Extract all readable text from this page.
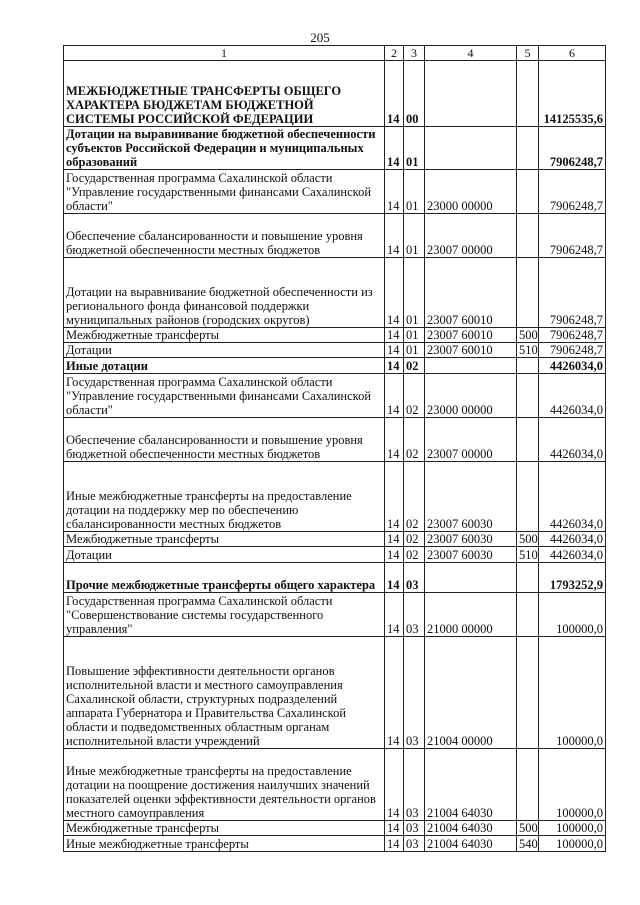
205
1	2	3	4	5	6
МЕЖБЮДЖЕТНЫЕ ТРАНСФЕРТЫ ОБЩЕГО ХАРАКТЕРА БЮДЖЕТАМ БЮДЖЕТНОЙ СИСТЕМЫ РОССИЙСКОЙ ФЕДЕРАЦИИ	14	00			14125535,6
Дотации на выравнивание бюджетной обеспеченности субъектов Российской Федерации и муниципальных образований	14	01			7906248,7
Государственная программа Сахалинской области "Управление государственными финансами Сахалинской области"	14	01	23000 00000		7906248,7
Обеспечение сбалансированности и повышение уровня бюджетной обеспеченности местных бюджетов	14	01	23007 00000		7906248,7
Дотации на выравнивание бюджетной обеспеченности из регионального фонда финансовой поддержки муниципальных районов (городских округов)	14	01	23007 60010		7906248,7
Межбюджетные трансферты	14	01	23007 60010	500	7906248,7
Дотации	14	01	23007 60010	510	7906248,7
Иные дотации	14	02			4426034,0
Государственная программа Сахалинской области "Управление государственными финансами Сахалинской области"	14	02	23000 00000		4426034,0
Обеспечение сбалансированности и повышение уровня бюджетной обеспеченности местных бюджетов	14	02	23007 00000		4426034,0
Иные межбюджетные трансферты на предоставление дотации на поддержку мер по обеспечению сбалансированности местных бюджетов	14	02	23007 60030		4426034,0
Межбюджетные трансферты	14	02	23007 60030	500	4426034,0
Дотации	14	02	23007 60030	510	4426034,0
Прочие межбюджетные трансферты общего характера	14	03			1793252,9
Государственная программа Сахалинской области "Совершенствование системы государственного управления"	14	03	21000 00000		100000,0
Повышение эффективности деятельности органов исполнительной власти и местного самоуправления Сахалинской области, структурных подразделений аппарата Губернатора и Правительства Сахалинской области и подведомственных областным органам исполнительной власти учреждений	14	03	21004 00000		100000,0
Иные межбюджетные трансферты на предоставление дотации на поощрение достижения наилучших значений показателей оценки эффективности деятельности органов местного самоуправления	14	03	21004 64030		100000,0
Межбюджетные трансферты	14	03	21004 64030	500	100000,0
Иные межбюджетные трансферты	14	03	21004 64030	540	100000,0
